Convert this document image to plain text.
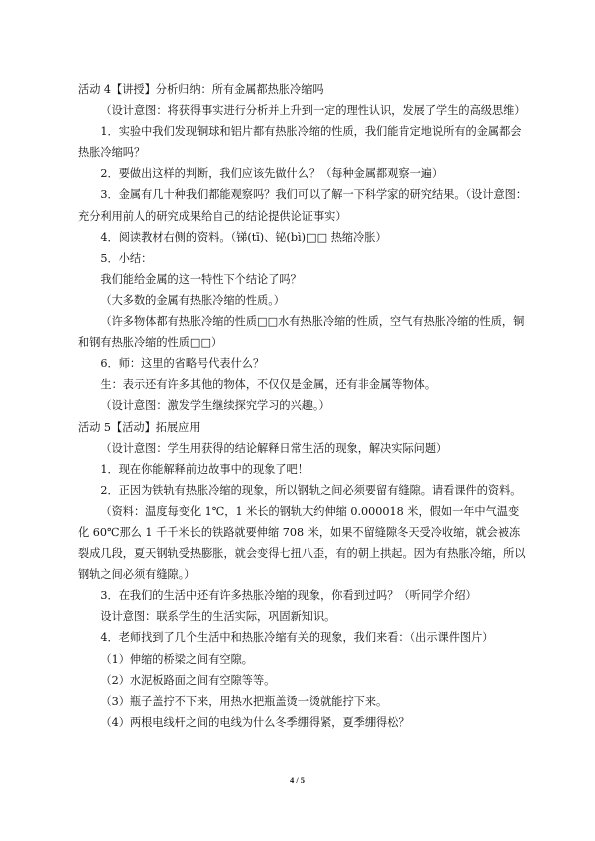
活动 4【讲授】分析归纳：所有金属都热胀冷缩吗

（设计意图：将获得事实进行分析并上升到一定的理性认识，发展了学生的高级思维）

1．实验中我们发现铜球和铝片都有热胀冷缩的性质，我们能肯定地说所有的金属都会热胀冷缩吗？

2．要做出这样的判断，我们应该先做什么？（每种金属都观察一遍）

3．金属有几十种我们都能观察吗？我们可以了解一下科学家的研究结果。（设计意图：充分利用前人的研究成果给自己的结论提供论证事实）

4．阅读教材右侧的资料。（锑(tī)、铋(bì)□□ 热缩冷胀）

5．小结：

我们能给金属的这一特性下个结论了吗？

（大多数的金属有热胀冷缩的性质。）

（许多物体都有热胀冷缩的性质□□水有热胀冷缩的性质，空气有热胀冷缩的性质，铜和钢有热胀冷缩的性质□□）

6．师：这里的省略号代表什么？

生：表示还有许多其他的物体，不仅仅是金属，还有非金属等物体。

（设计意图：激发学生继续探究学习的兴趣。）

活动 5【活动】拓展应用

（设计意图：学生用获得的结论解释日常生活的现象，解决实际问题）

1．现在你能解释前边故事中的现象了吧！

2．正因为铁轨有热胀冷缩的现象，所以钢轨之间必须要留有缝隙。请看课件的资料。

（资料：温度每变化 1℃，1 米长的钢轨大约伸缩 0.000018 米，假如一年中气温变化 60℃那么 1 千千米长的铁路就要伸缩 708 米，如果不留缝隙冬天受冷收缩，就会被冻裂成几段，夏天钢轨受热膨胀，就会变得七扭八歪，有的朝上拱起。因为有热胀冷缩，所以钢轨之间必须有缝隙。）

3．在我们的生活中还有许多热胀冷缩的现象，你看到过吗？（听同学介绍）

设计意图：联系学生的生活实际，巩固新知识。

4．老师找到了几个生活中和热胀冷缩有关的现象，我们来看：（出示课件图片）

（1）伸缩的桥梁之间有空隙。

（2）水泥板路面之间有空隙等等。

（3）瓶子盖拧不下来，用热水把瓶盖烫一烫就能拧下来。

（4）两根电线杆之间的电线为什么冬季绷得紧，夏季绷得松？

4 / 5
